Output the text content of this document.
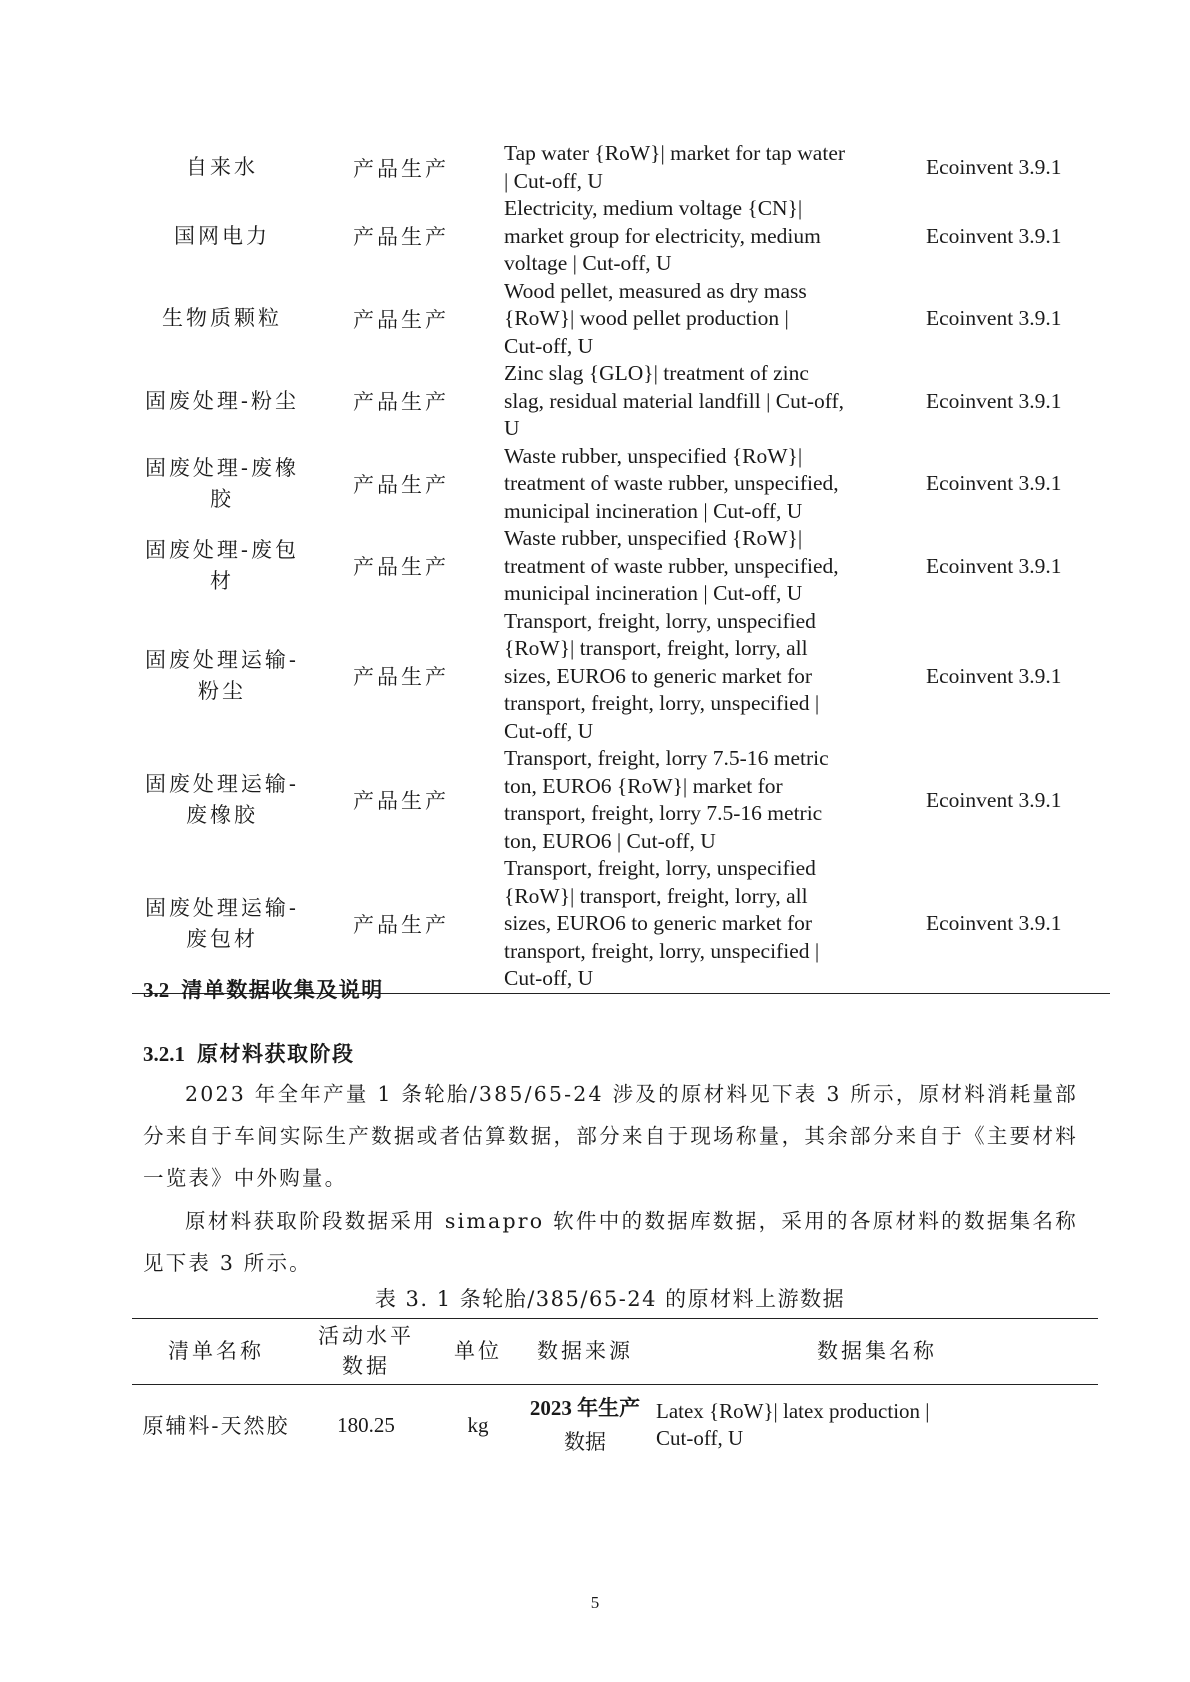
自来水	产品生产	Tap water {RoW}| market for tap water
| Cut-off, U	Ecoinvent 3.9.1
国网电力	产品生产	Electricity, medium voltage {CN}|
market group for electricity, medium
voltage | Cut-off, U	Ecoinvent 3.9.1
生物质颗粒	产品生产	Wood pellet, measured as dry mass
{RoW}| wood pellet production |
Cut-off, U	Ecoinvent 3.9.1
固废处理-粉尘	产品生产	Zinc slag {GLO}| treatment of zinc
slag, residual material landfill | Cut-off,
U	Ecoinvent 3.9.1

固废处理-废橡
胶	产品生产	Waste rubber, unspecified {RoW}|
treatment of waste rubber, unspecified,
municipal incineration | Cut-off, U	Ecoinvent 3.9.1

固废处理-废包
材	产品生产	Waste rubber, unspecified {RoW}|
treatment of waste rubber, unspecified,
municipal incineration | Cut-off, U	Ecoinvent 3.9.1

固废处理运输-
粉尘	产品生产	Transport, freight, lorry, unspecified
{RoW}| transport, freight, lorry, all
sizes, EURO6 to generic market for
transport, freight, lorry, unspecified |
Cut-off, U	Ecoinvent 3.9.1

固废处理运输-
废橡胶	产品生产	Transport, freight, lorry 7.5-16 metric
ton, EURO6 {RoW}| market for
transport, freight, lorry 7.5-16 metric
ton, EURO6 | Cut-off, U	Ecoinvent 3.9.1

固废处理运输-
废包材	产品生产	Transport, freight, lorry, unspecified
{RoW}| transport, freight, lorry, all
sizes, EURO6 to generic market for
transport, freight, lorry, unspecified |
Cut-off, U	Ecoinvent 3.9.1
3.2 清单数据收集及说明
3.2.1 原材料获取阶段
2023 年全年产量 1 条轮胎/385/65-24 涉及的原材料见下表 3 所示，原材料消耗量部分来自于车间实际生产数据或者估算数据，部分来自于现场称量，其余部分来自于《主要材料一览表》中外购量。
原材料获取阶段数据采用 simapro 软件中的数据库数据，采用的各原材料的数据集名称见下表 3 所示。
表 3. 1 条轮胎/385/65-24 的原材料上游数据
清单名称	活动水平
数据	单位	数据来源	数据集名称
原辅料-天然胶	180.25	kg	2023 年生产
数据	Latex {RoW}| latex production |
Cut-off, U
5
